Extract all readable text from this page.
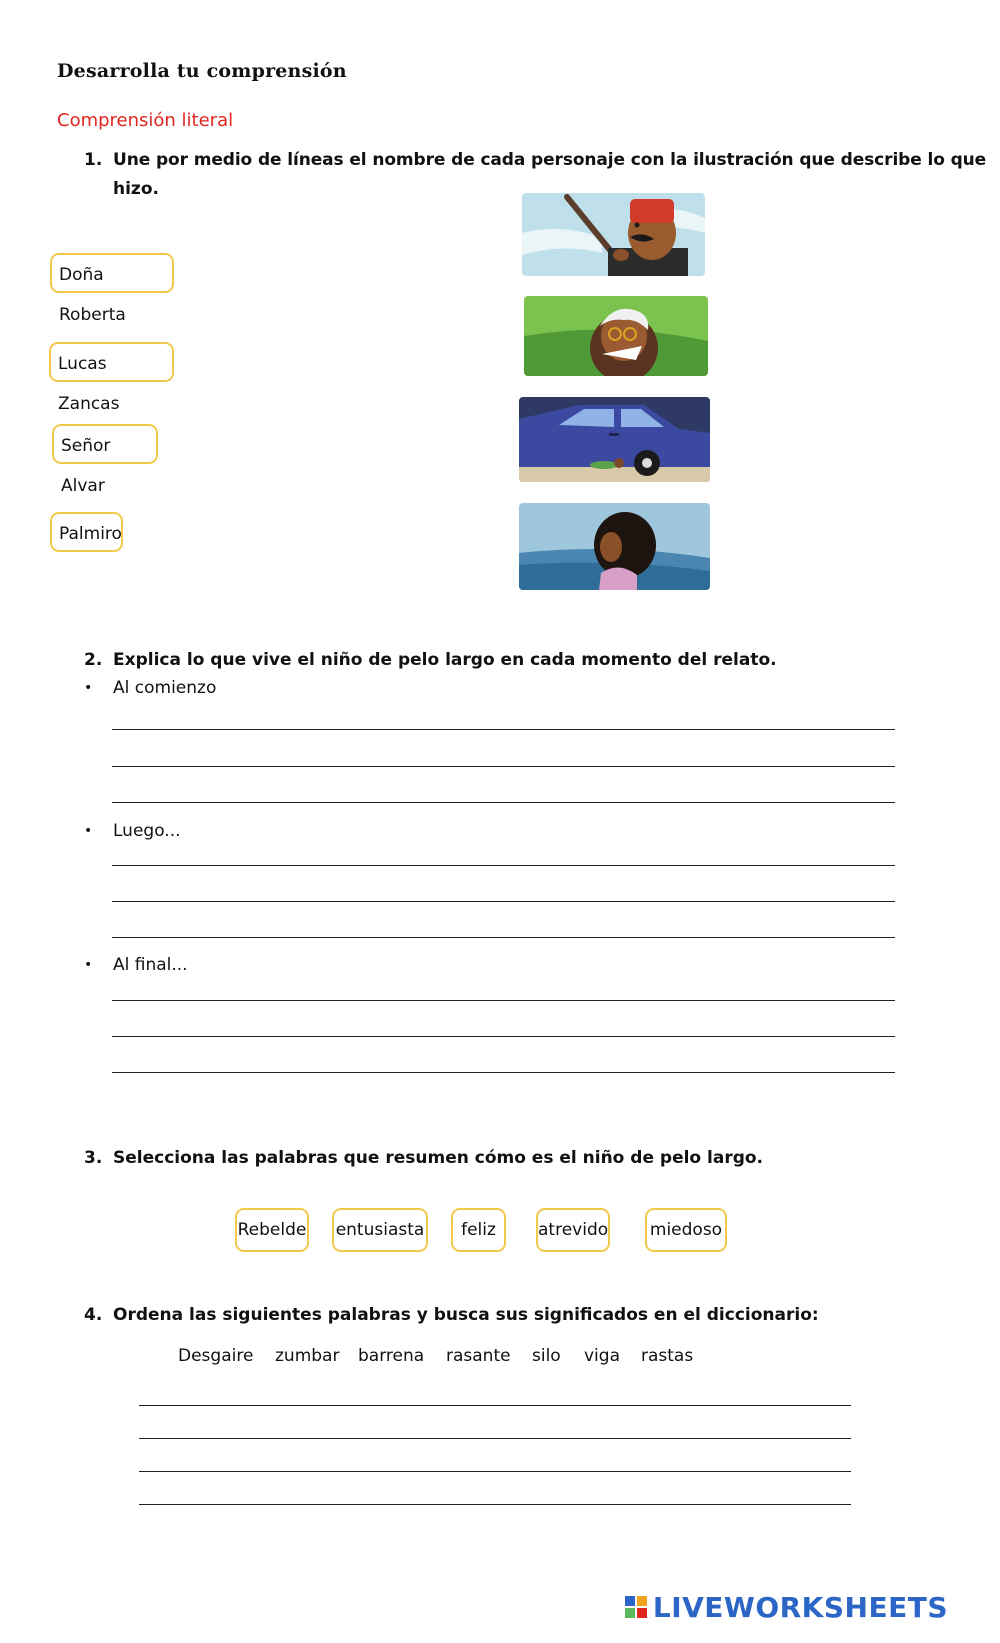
Desarrolla tu comprensión
Comprensión literal
1. Une por medio de líneas el nombre de cada personaje con la ilustración que describe lo que
hizo.
Doña Roberta
Lucas Zancas
Señor Alvar
Palmiro
2. Explica lo que vive el niño de pelo largo en cada momento del relato.
• Al comienzo
• Luego...
• Al final...
3. Selecciona las palabras que resumen cómo es el niño de pelo largo.
Rebelde entusiasta	feliz	atrevido miedoso
4. Ordena las siguientes palabras y busca sus significados en el diccionario:
Desgaire zumbar barrena rasante silo viga rastas
LIVEWORKSHEETS
